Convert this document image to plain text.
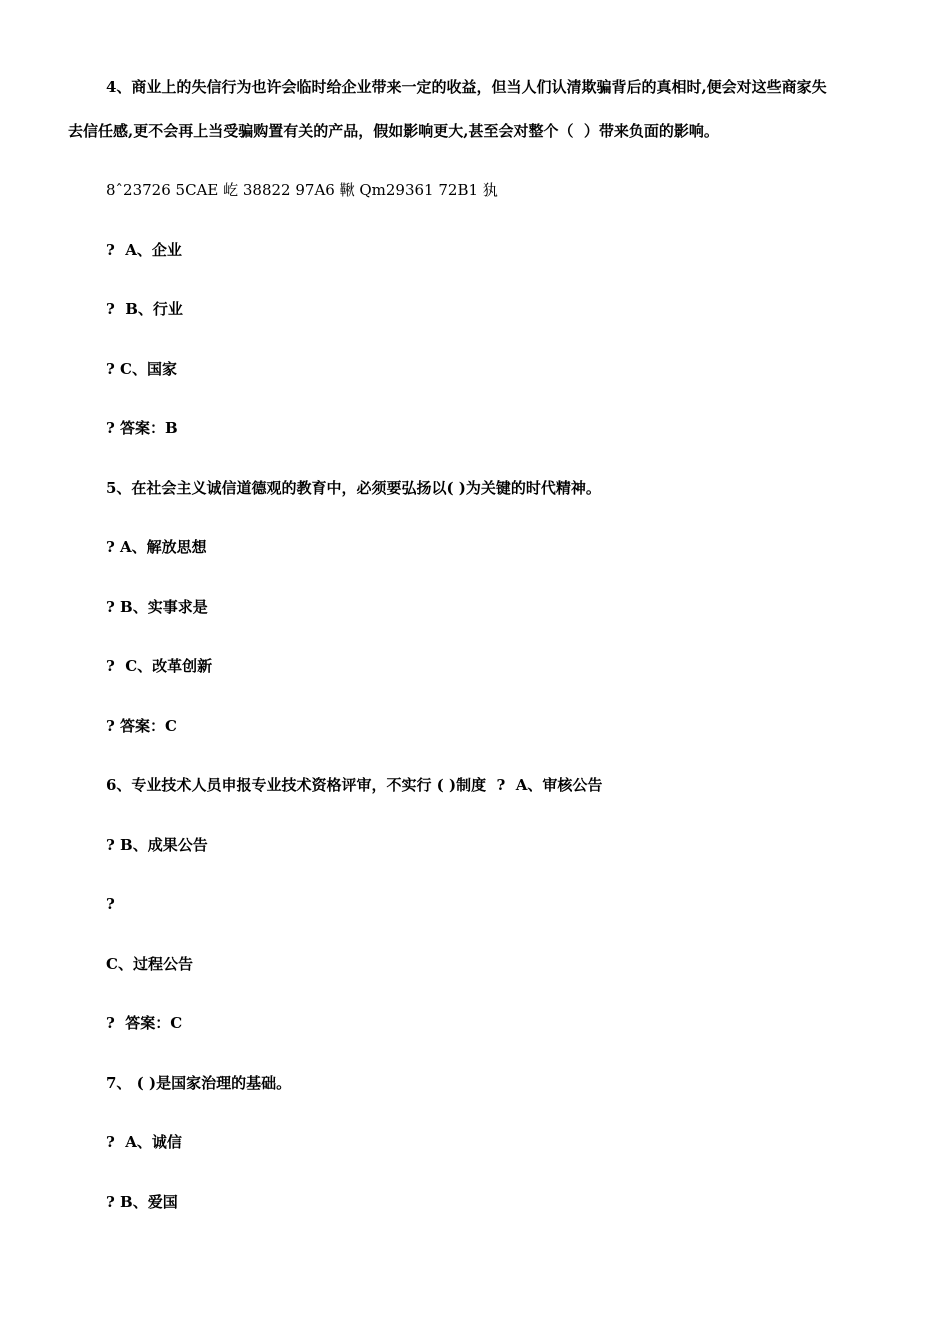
4、商业上的失信行为也许会临时给企业带来一定的收益，但当人们认清欺骗背后的真相时,便会对这些商家失
去信任感,更不会再上当受骗购置有关的产品，假如影响更大,甚至会对整个（  ）带来负面的影响。
8ˆ23726 5CAE 屹 38822 97A6 鞦 Qm29361 72B1 犱
?  A、企业
?  B、行业
? C、国家
? 答案：B
5、在社会主义诚信道德观的教育中，必须要弘扬以( )为关键的时代精神。
? A、解放思想
? B、实事求是
?  C、改革创新
? 答案：C
6、专业技术人员申报专业技术资格评审，不实行 ( )制度  ?  A、审核公告
? B、成果公告
?
C、过程公告
?  答案：C
7、 ( )是国家治理的基础。
?  A、诚信
? B、爱国
